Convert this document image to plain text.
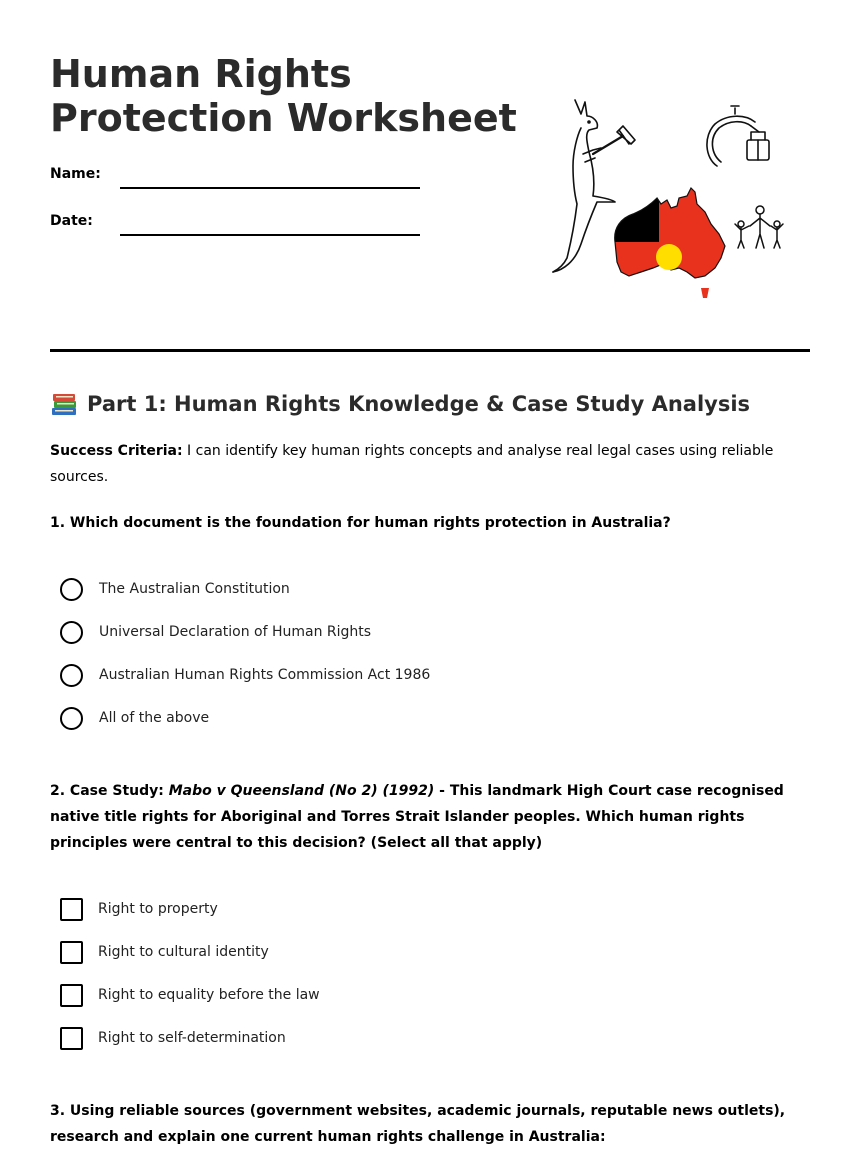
Human Rights
Protection Worksheet
Name:
Date:
Part 1: Human Rights Knowledge & Case Study Analysis
Success Criteria: I can identify key human rights concepts and analyse real legal cases using reliable sources.
1. Which document is the foundation for human rights protection in Australia?
The Australian Constitution
Universal Declaration of Human Rights
Australian Human Rights Commission Act 1986
All of the above
2. Case Study: Mabo v Queensland (No 2) (1992) - This landmark High Court case recognised native title rights for Aboriginal and Torres Strait Islander peoples. Which human rights principles were central to this decision? (Select all that apply)
Right to property
Right to cultural identity
Right to equality before the law
Right to self-determination
3. Using reliable sources (government websites, academic journals, reputable news outlets), research and explain one current human rights challenge in Australia:
